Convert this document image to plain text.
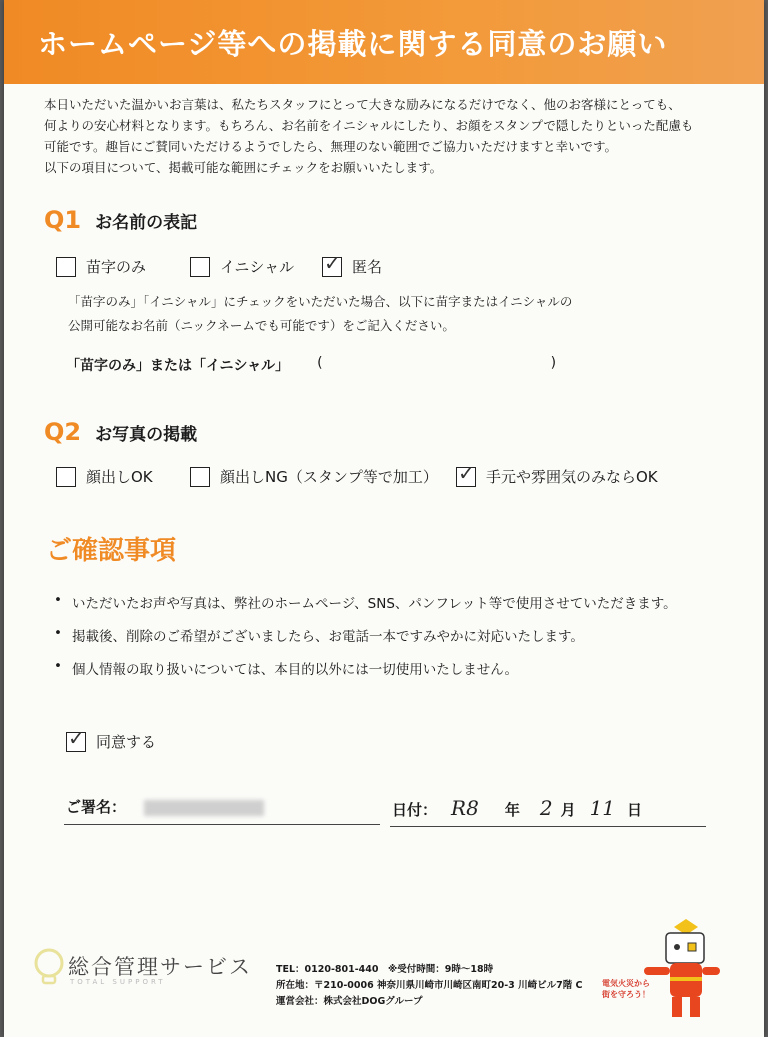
ホームページ等への掲載に関する同意のお願い
本日いただいた温かいお言葉は、私たちスタッフにとって大きな励みになるだけでなく、他のお客様にとっても、
何よりの安心材料となります。もちろん、お名前をイニシャルにしたり、お顔をスタンプで隠したりといった配慮も
可能です。趣旨にご賛同いただけるようでしたら、無理のない範囲でご協力いただけますと幸いです。
以下の項目について、掲載可能な範囲にチェックをお願いいたします。
Q1 お名前の表記
苗字のみ	イニシャル ✓ 匿名
「苗字のみ」「イニシャル」にチェックをいただいた場合、以下に苗字またはイニシャルの
公開可能なお名前（ニックネームでも可能です）をご記入ください。
「苗字のみ」または「イニシャル」 (	)
Q2 お写真の掲載
顔出しOK	顔出しNG（スタンプ等で加工） ✓ 手元や雰囲気のみならOK
ご確認事項
• いただいたお声や写真は、弊社のホームページ、SNS、パンフレット等で使用させていただきます。
• 掲載後、削除のご希望がございましたら、お電話一本ですみやかに対応いたします。
• 個人情報の取り扱いについては、本目的以外には一切使用いたしません。
✓ 同意する
ご署名：	日付： R8 年 2 月 11 日
総合管理サービス
TOTAL SUPPORT
TEL：0120-801-440　※受付時間：9時～18時
所在地：〒210-0006 神奈川県川崎市川崎区南町20-3 川崎ビル7階 C
運営会社：株式会社DOGグループ
電気火災から
街を守ろう！
